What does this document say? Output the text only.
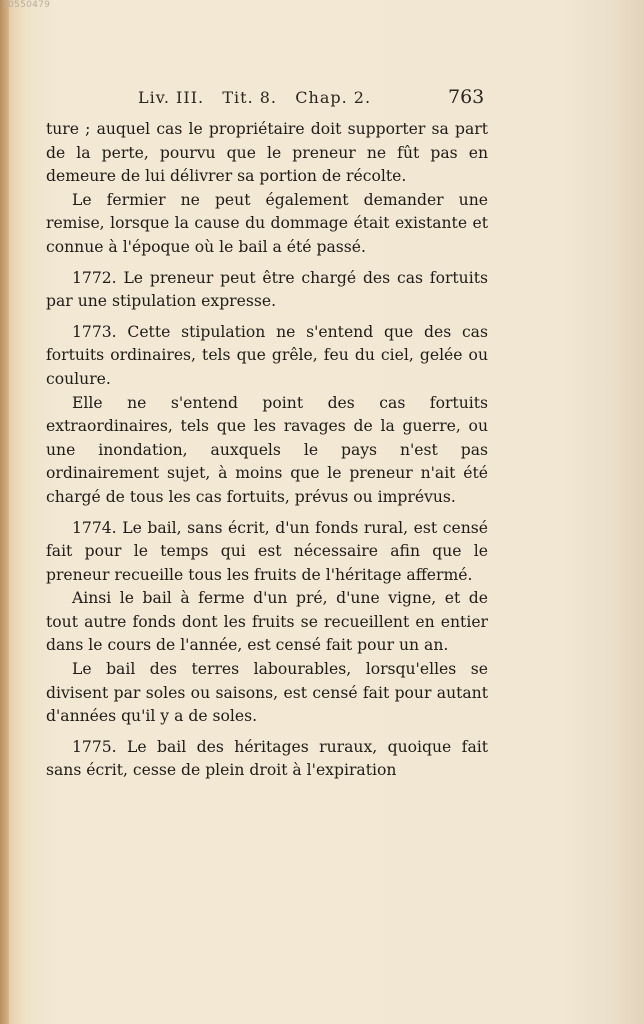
10550479
Liv. III.   Tit. 8.   Chap. 2.	763

ture ; auquel cas le propriétaire doit supporter sa part de la perte, pourvu que le preneur ne fût pas en demeure de lui délivrer sa portion de récolte.

Le fermier ne peut également demander une remise, lorsque la cause du dommage était existante et connue à l'époque où le bail a été passé.

1772. Le preneur peut être chargé des cas fortuits par une stipulation expresse.

1773. Cette stipulation ne s'entend que des cas fortuits ordinaires, tels que grêle, feu du ciel, gelée ou coulure.

Elle ne s'entend point des cas fortuits extraordinaires, tels que les ravages de la guerre, ou une inondation, auxquels le pays n'est pas ordinairement sujet, à moins que le preneur n'ait été chargé de tous les cas fortuits, prévus ou imprévus.

1774. Le bail, sans écrit, d'un fonds rural, est censé fait pour le temps qui est nécessaire afin que le preneur recueille tous les fruits de l'héritage affermé.

Ainsi le bail à ferme d'un pré, d'une vigne, et de tout autre fonds dont les fruits se recueillent en entier dans le cours de l'année, est censé fait pour un an.

Le bail des terres labourables, lorsqu'elles se divisent par soles ou saisons, est censé fait pour autant d'années qu'il y a de soles.

1775. Le bail des héritages ruraux, quoique fait sans écrit, cesse de plein droit à l'expiration
